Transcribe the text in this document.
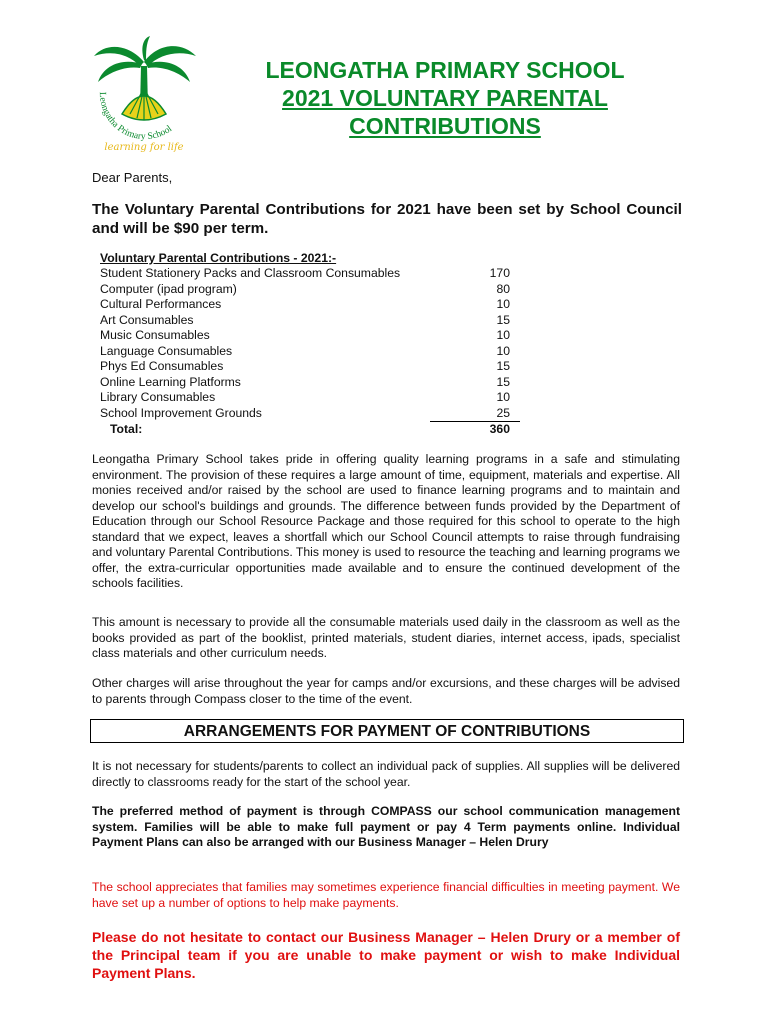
Leongatha Primary School
learning for life
LEONGATHA PRIMARY SCHOOL
2021 VOLUNTARY PARENTAL
CONTRIBUTIONS
Dear Parents,
The Voluntary Parental Contributions for 2021 have been set by School Council and will be $90 per term.
Voluntary Parental Contributions - 2021:-
Student Stationery Packs and Classroom Consumables	170
Computer (ipad program)	80
Cultural Performances	10
Art Consumables	15
Music Consumables	10
Language Consumables	10
Phys Ed Consumables	15
Online Learning Platforms	15
Library Consumables	10
School Improvement Grounds	25
Total:	360
Leongatha Primary School takes pride in offering quality learning programs in a safe and stimulating environment. The provision of these requires a large amount of time, equipment, materials and expertise. All monies received and/or raised by the school are used to finance learning programs and to maintain and develop our school's buildings and grounds. The difference between funds provided by the Department of Education through our School Resource Package and those required for this school to operate to the high standard that we expect, leaves a shortfall which our School Council attempts to raise through fundraising and voluntary Parental Contributions. This money is used to resource the teaching and learning programs we offer, the extra-curricular opportunities made available and to ensure the continued development of the schools facilities.
This amount is necessary to provide all the consumable materials used daily in the classroom as well as the books provided as part of the booklist, printed materials, student diaries, internet access, ipads, specialist class materials and other curriculum needs.
Other charges will arise throughout the year for camps and/or excursions, and these charges will be advised to parents through Compass closer to the time of the event.
ARRANGEMENTS FOR PAYMENT OF CONTRIBUTIONS
It is not necessary for students/parents to collect an individual pack of supplies. All supplies will be delivered directly to classrooms ready for the start of the school year.
The preferred method of payment is through COMPASS our school communication management system. Families will be able to make full payment or pay 4 Term payments online. Individual Payment Plans can also be arranged with our Business Manager – Helen Drury
The school appreciates that families may sometimes experience financial difficulties in meeting payment. We have set up a number of options to help make payments.
Please do not hesitate to contact our Business Manager – Helen Drury or a member of the Principal team if you are unable to make payment or wish to make Individual Payment Plans.
